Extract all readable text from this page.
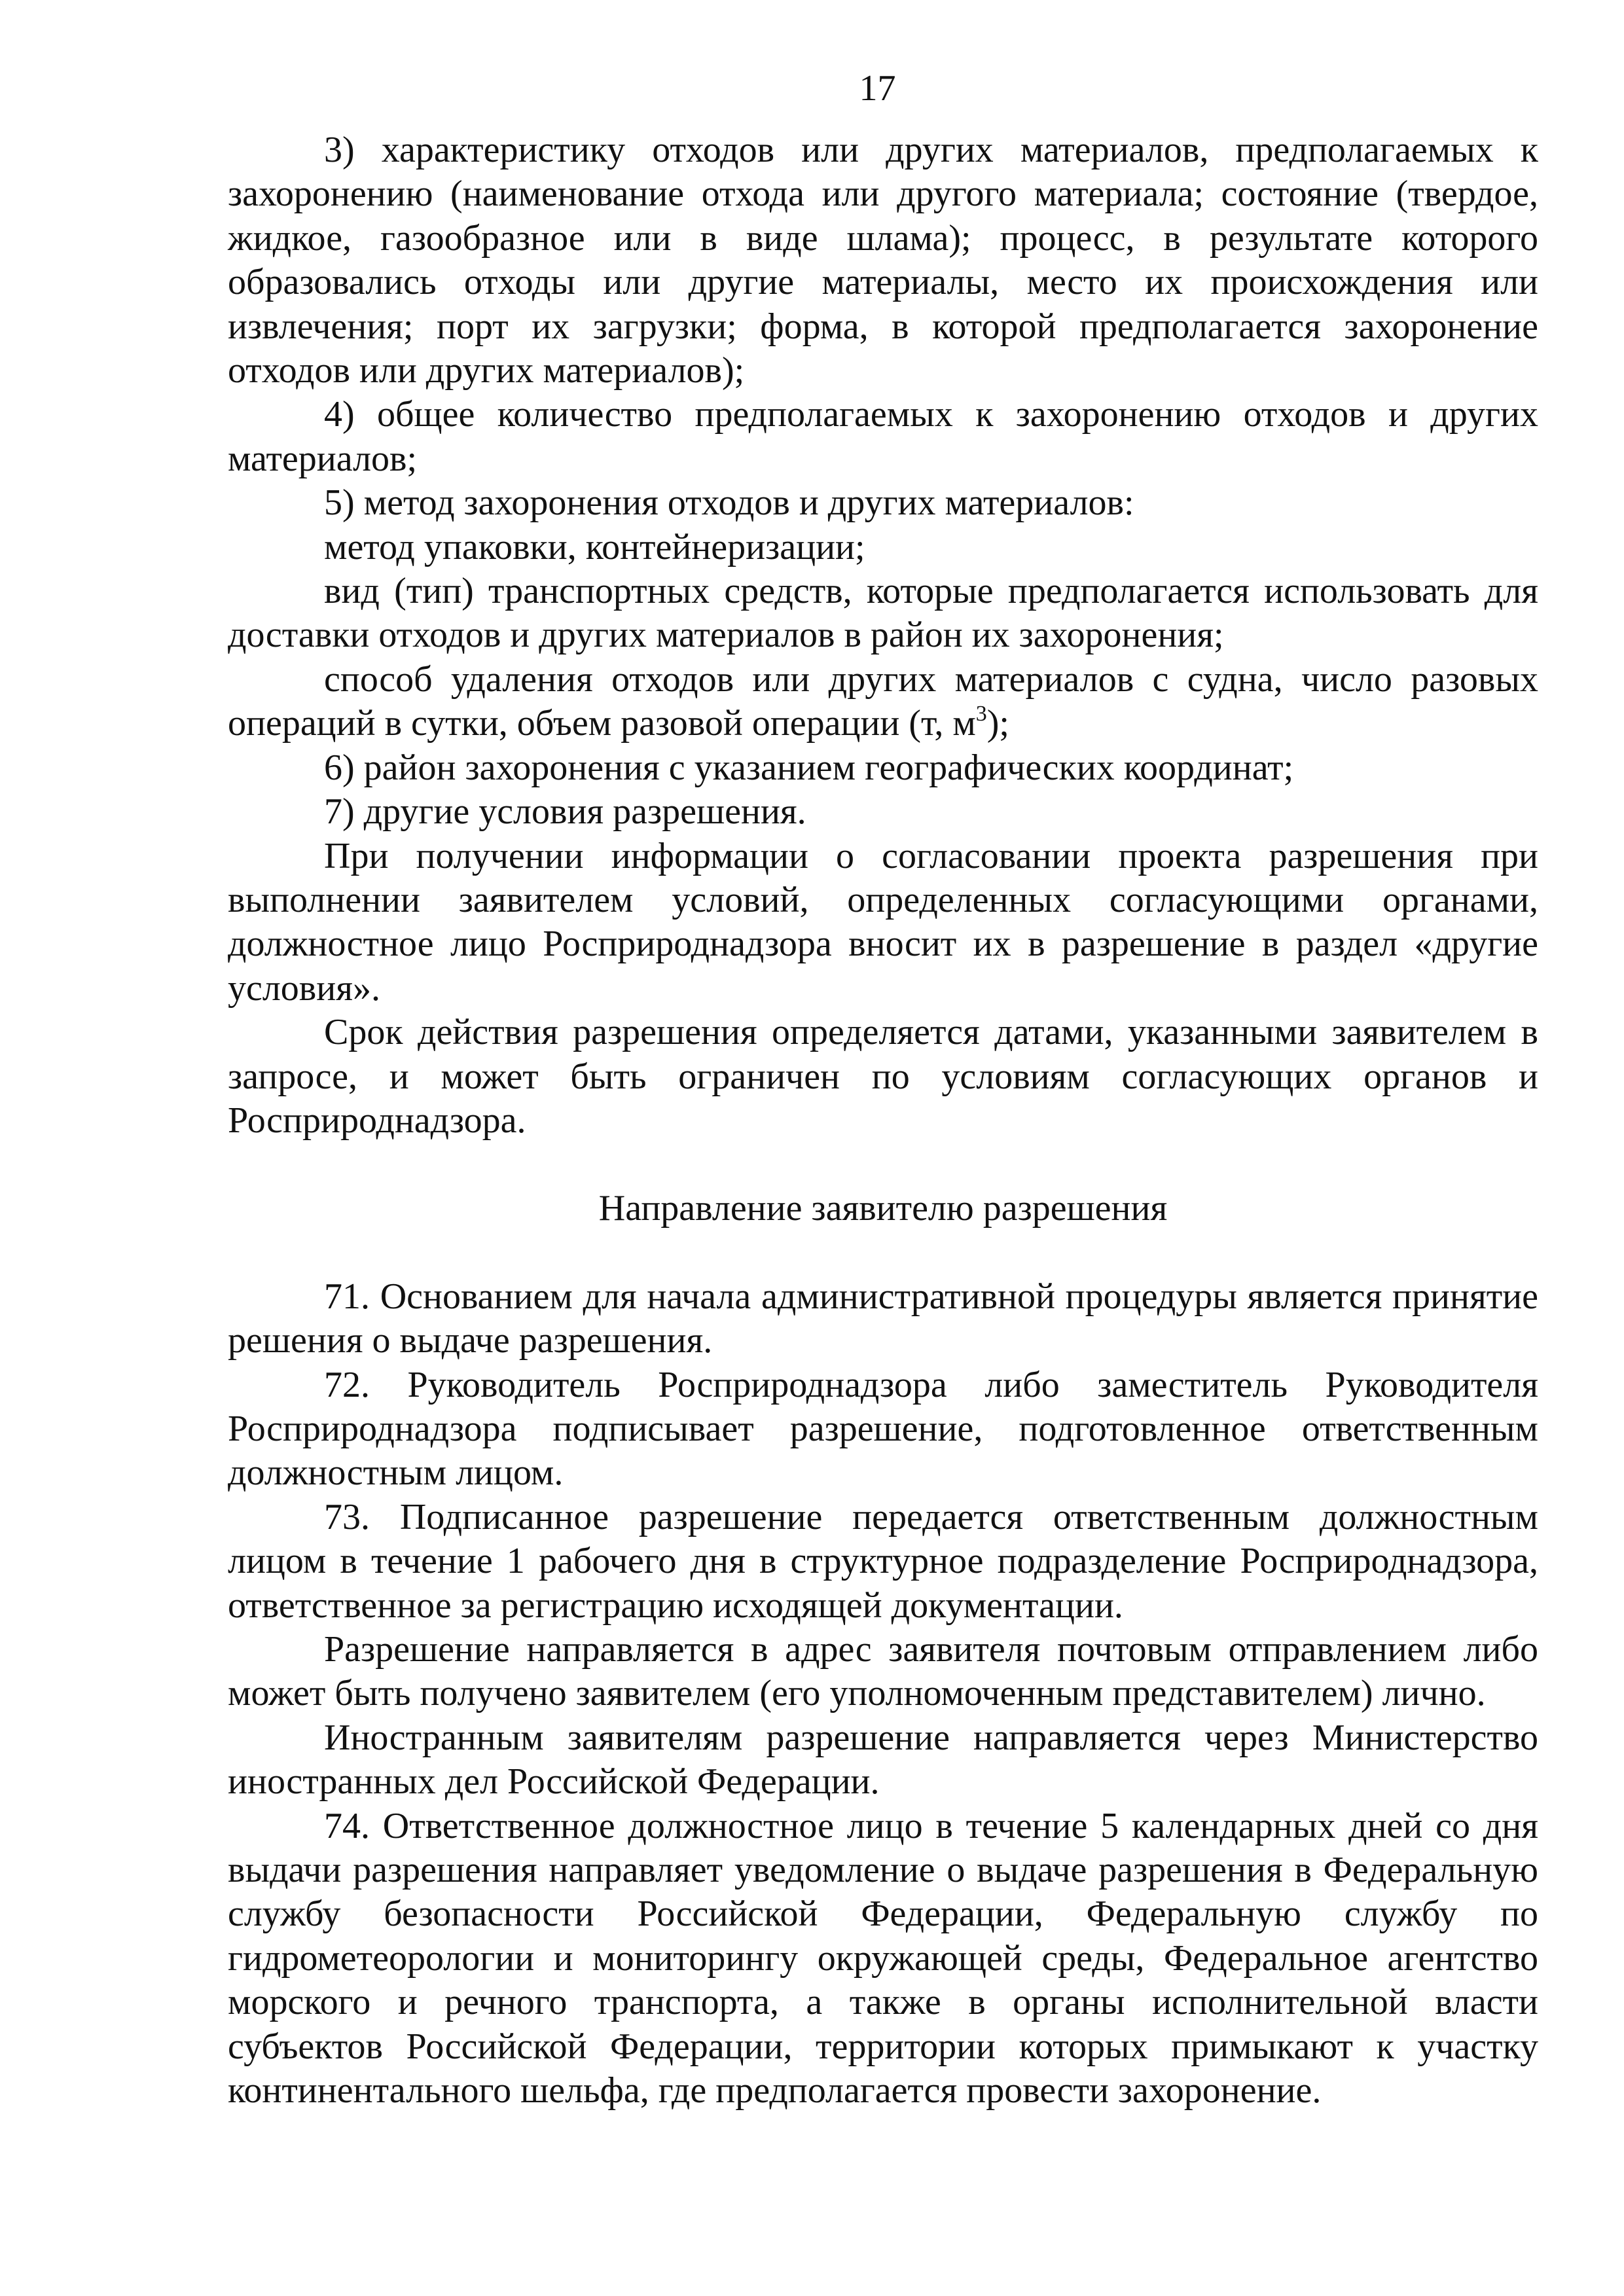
17

3) характеристику отходов или других материалов, предполагаемых к захоронению (наименование отхода или другого материала; состояние (твердое, жидкое, газообразное или в виде шлама); процесс, в результате которого образовались отходы или другие материалы, место их происхождения или извлечения; порт их загрузки; форма, в которой предполагается захоронение отходов или других материалов);

4) общее количество предполагаемых к захоронению отходов и других материалов;

5) метод захоронения отходов и других материалов:

метод упаковки, контейнеризации;

вид (тип) транспортных средств, которые предполагается использовать для доставки отходов и других материалов в район их захоронения;

способ удаления отходов или других материалов с судна, число разовых операций в сутки, объем разовой операции (т, $м^3$);

6) район захоронения с указанием географических координат;

7) другие условия разрешения.

При получении информации о согласовании проекта разрешения при выполнении заявителем условий, определенных согласующими органами, должностное лицо Росприроднадзора вносит их в разрешение в раздел «другие условия».

Срок действия разрешения определяется датами, указанными заявителем в запросе, и может быть ограничен по условиям согласующих органов и Росприроднадзора.

Направление заявителю разрешения

71. Основанием для начала административной процедуры является принятие решения о выдаче разрешения.

72. Руководитель Росприроднадзора либо заместитель Руководителя Росприроднадзора подписывает разрешение, подготовленное ответственным должностным лицом.

73. Подписанное разрешение передается ответственным должностным лицом в течение 1 рабочего дня в структурное подразделение Росприроднадзора, ответственное за регистрацию исходящей документации.

Разрешение направляется в адрес заявителя почтовым отправлением либо может быть получено заявителем (его уполномоченным представителем) лично.

Иностранным заявителям разрешение направляется через Министерство иностранных дел Российской Федерации.

74. Ответственное должностное лицо в течение 5 календарных дней со дня выдачи разрешения направляет уведомление о выдаче разрешения в Федеральную службу безопасности Российской Федерации, Федеральную службу по гидрометеорологии и мониторингу окружающей среды, Федеральное агентство морского и речного транспорта, а также в органы исполнительной власти субъектов Российской Федерации, территории которых примыкают к участку континентального шельфа, где предполагается провести захоронение.
